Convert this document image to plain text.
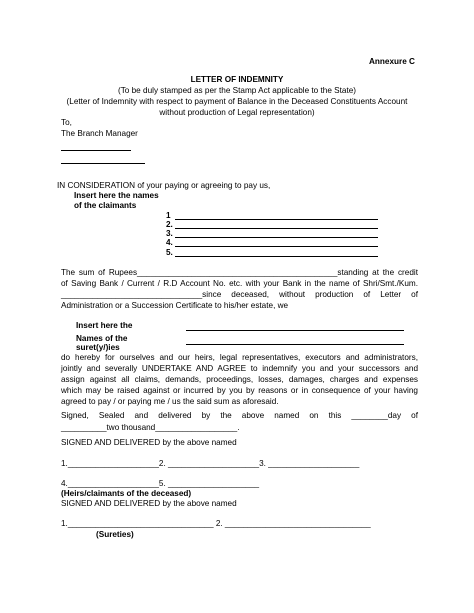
Annexure C
LETTER OF INDEMNITY
(To be duly stamped as per the Stamp Act applicable to the State)
(Letter of Indemnity with respect to payment of Balance in the Deceased Constituents Account
without production of Legal representation)
To,
The Branch Manager
IN CONSIDERATION of your paying or agreeing to pay us,
Insert here the names
of the claimants
1
2.
3.
4.
5.
The sum of Rupees____________________________________________standing at the credit
of Saving Bank / Current / R.D Account No. etc. with your Bank in the name of Shri/Smt./Kum.
_______________________________since deceased, without production of Letter of
Administration or a Succession Certificate to his/her estate, we
Insert here the
Names of the
suret(y/)ies
do hereby for ourselves and our heirs, legal representatives, executors and administrators,
jointly and severally UNDERTAKE AND AGREE to indemnify you and your successors and
assign against all claims, demands, proceedings, losses, damages, charges and expenses
which may be raised against or incurred by you by reasons or in consequence of your having
agreed to pay / or paying me / us the said sum as aforesaid.
Signed, Sealed and delivered by the above named on this ________day of
__________two thousand__________________.
SIGNED AND DELIVERED by the above named
1.____________________2. ____________________3. ____________________
4.____________________5. ____________________
(Heirs/claimants of the deceased)
SIGNED AND DELIVERED by the above named
1.________________________________ 2. ________________________________
(Sureties)
